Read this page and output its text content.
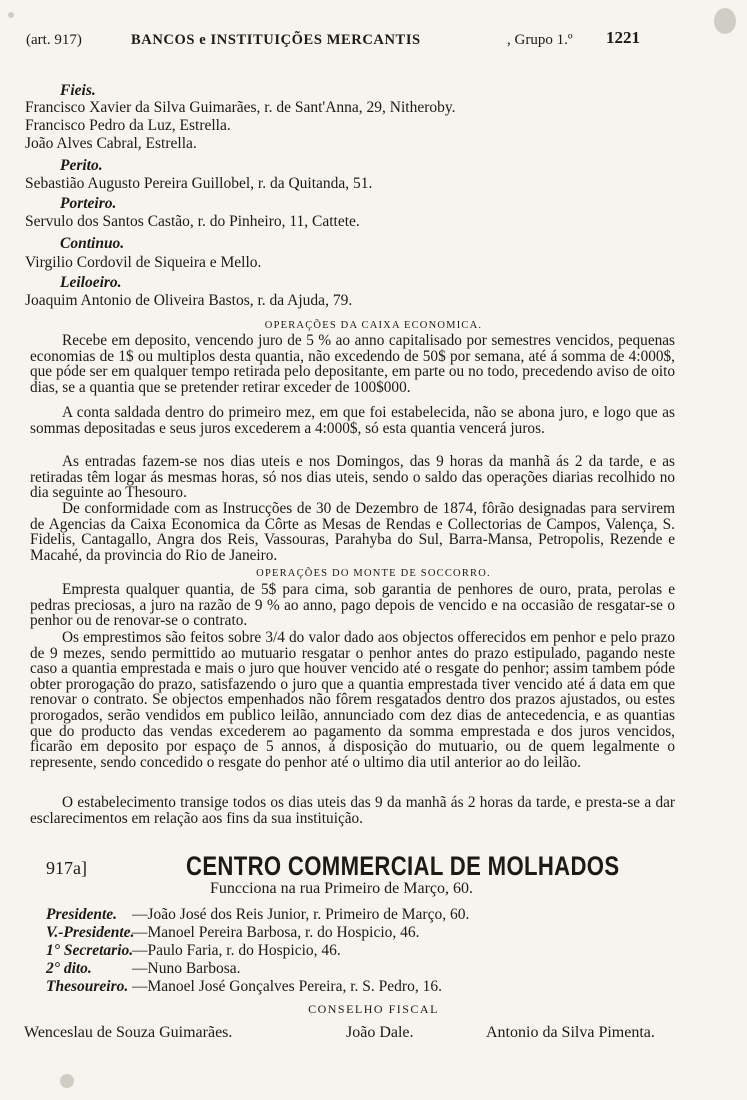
(art. 917)	BANCOS e INSTITUIÇÕES MERCANTIS	, Grupo 1.º 1221
Fieis.
Francisco Xavier da Silva Guimarães, r. de Sant'Anna, 29, Nitheroby.
Francisco Pedro da Luz, Estrella.
João Alves Cabral, Estrella.
Perito.
Sebastião Augusto Pereira Guillobel, r. da Quitanda, 51.
Porteiro.
Servulo dos Santos Castão, r. do Pinheiro, 11, Cattete.
Continuo.
Virgilio Cordovil de Siqueira e Mello.
Leiloeiro.
Joaquim Antonio de Oliveira Bastos, r. da Ajuda, 79.
OPERAÇÕES DA CAIXA ECONOMICA.
Recebe em deposito, vencendo juro de 5 % ao anno capitalisado por semestres vencidos, pequenas economias de 1$ ou multiplos desta quantia, não excedendo de 50$ por semana, até á somma de 4:000$, que póde ser em qualquer tempo retirada pelo depositante, em parte ou no todo, precedendo aviso de oito dias, se a quantia que se pretender retirar exceder de 100$000.
A conta saldada dentro do primeiro mez, em que foi estabelecida, não se abona juro, e logo que as sommas depositadas e seus juros excederem a 4:000$, só esta quantia vencerá juros.
As entradas fazem-se nos dias uteis e nos Domingos, das 9 horas da manhã ás 2 da tarde, e as retiradas têm logar ás mesmas horas, só nos dias uteis, sendo o saldo das operações diarias recolhido no dia seguinte ao Thesouro.
De conformidade com as Instrucções de 30 de Dezembro de 1874, fôrão designadas para servirem de Agencias da Caixa Economica da Côrte as Mesas de Rendas e Collectorias de Campos, Valença, S. Fidelis, Cantagallo, Angra dos Reis, Vassouras, Parahyba do Sul, Barra-Mansa, Petropolis, Rezende e Macahé, da provincia do Rio de Janeiro.
OPERAÇÕES DO MONTE DE SOCCORRO.
Empresta qualquer quantia, de 5$ para cima, sob garantia de penhores de ouro, prata, perolas e pedras preciosas, a juro na razão de 9 % ao anno, pago depois de vencido e na occasião de resgatar-se o penhor ou de renovar-se o contrato.
Os emprestimos são feitos sobre 3/4 do valor dado aos objectos offerecidos em penhor e pelo prazo de 9 mezes, sendo permittido ao mutuario resgatar o penhor antes do prazo estipulado, pagando neste caso a quantia emprestada e mais o juro que houver vencido até o resgate do penhor; assim tambem póde obter prorogação do prazo, satisfazendo o juro que a quantia emprestada tiver vencido até á data em que renovar o contrato. Se objectos empenhados não fôrem resgatados dentro dos prazos ajustados, ou estes prorogados, serão vendidos em publico leilão, annunciado com dez dias de antecedencia, e as quantias que do producto das vendas excederem ao pagamento da somma emprestada e dos juros vencidos, ficarão em deposito por espaço de 5 annos, á disposição do mutuario, ou de quem legalmente o represente, sendo concedido o resgate do penhor até o ultimo dia util anterior ao do leilão.
O estabelecimento transige todos os dias uteis das 9 da manhã ás 2 horas da tarde, e presta-se a dar esclarecimentos em relação aos fins da sua instituição.
917a]	CENTRO COMMERCIAL DE MOLHADOS
Funcciona na rua Primeiro de Março, 60.
Presidente. —João José dos Reis Junior, r. Primeiro de Março, 60.
V.-Presidente.—Manoel Pereira Barbosa, r. do Hospicio, 46.
1° Secretario.—Paulo Faria, r. do Hospicio, 46.
2° dito.	—Nuno Barbosa.
Thesoureiro. —Manoel José Gonçalves Pereira, r. S. Pedro, 16.
CONSELHO FISCAL
Wenceslau de Souza Guimarães.	João Dale.	Antonio da Silva Pimenta.
